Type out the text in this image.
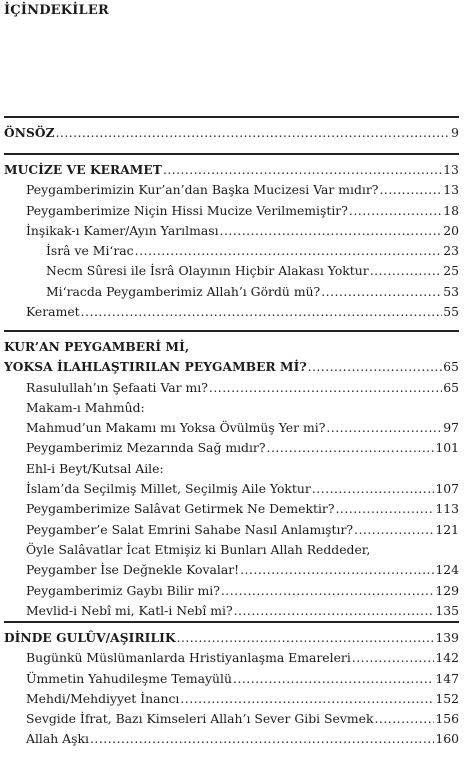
İÇİNDEKİLER
ÖNSÖZ .....	9
MUCİZE VE KERAMET .....	13
Peygamberimizin Kur’an’dan Başka Mucizesi Var mıdır? .....	13
Peygamberimize Niçin Hissi Mucize Verilmemiştir? .....	18
İnşikak-ı Kamer/Ayın Yarılması .....	20
İsrâ ve Mi‘rac .....	23
Necm Sûresi ile İsrâ Olayının Hiçbir Alakası Yoktur .....	25
Mi‘racda Peygamberimiz Allah’ı Gördü mü? .....	53
Keramet .....	55
KUR’AN PEYGAMBERİ Mİ,
YOKSA İLAHLAŞTIRILAN PEYGAMBER Mİ? .....	65
Rasulullah’ın Şefaati Var mı? .....	65
Makam-ı Mahmûd:
Mahmud’un Makamı mı Yoksa Övülmüş Yer mi? .....	97
Peygamberimiz Mezarında Sağ mıdır? .....	101
Ehl-i Beyt/Kutsal Aile:
İslam’da Seçilmiş Millet, Seçilmiş Aile Yoktur .....	107
Peygamberimize Salâvat Getirmek Ne Demektir? .....	113
Peygamber’e Salat Emrini Sahabe Nasıl Anlamıştır? .....	121
Öyle Salâvatlar İcat Etmişiz ki Bunları Allah Reddeder,
Peygamber İse Değnekle Kovalar! .....	124
Peygamberimiz Gaybı Bilir mi? .....	129
Mevlid-i Nebî mi, Katl-i Nebî mi? .....	135
DİNDE GULÛV/AŞIRILIK .....	139
Bugünkü Müslümanlarda Hristiyanlaşma Emareleri .....	142
Ümmetin Yahudileşme Temayülü .....	147
Mehdi/Mehdiyyet İnancı .....	152
Sevgide İfrat, Bazı Kimseleri Allah’ı Sever Gibi Sevmek .....	156
Allah Aşkı .....	160
